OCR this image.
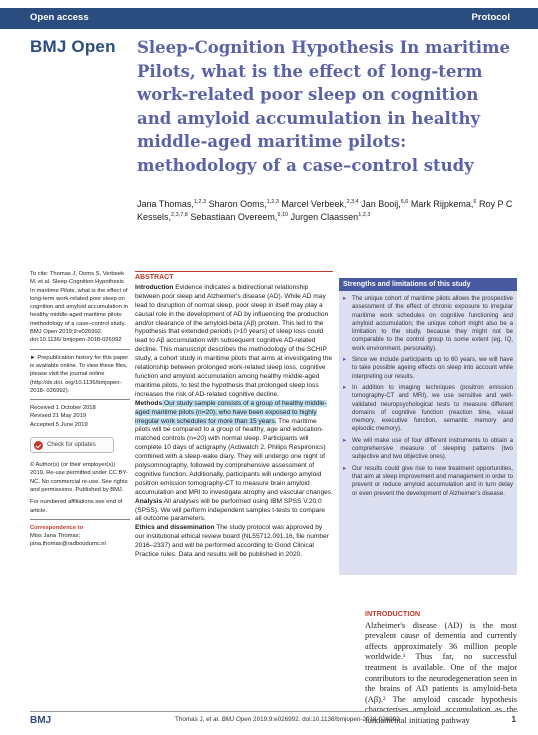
Open access	Protocol
BMJ Open Sleep-Cognition Hypothesis In maritime Pilots, what is the effect of long-term work-related poor sleep on cognition and amyloid accumulation in healthy middle-aged maritime pilots: methodology of a case–control study
Jana Thomas,$^{1,2,3}$ Sharon Ooms,$^{1,2,3}$ Marcel Verbeek,$^{2,3,4}$ Jan Booij,$^{5,6}$ Mark Rijpkema,$^6$ Roy P C Kessels,$^{2,3,7,8}$ Sebastiaan Overeem,$^{9,10}$ Jurgen Claassen$^{1,2,3}$

To cite: Thomas J, Ooms S, Verbeek M, et al. Sleep-Cognition Hypothesis In maritime Pilots, what is the effect of long-term work-related poor sleep on cognition and amyloid accumulation in healthy middle-aged maritime pilots: methodology of a case–control study. BMJ Open 2019;9:e026992. doi:10.1136/ bmjopen-2018-026992

► Prepublication history for this paper is available online. To view these files, please visit the journal online (http://dx.doi. org/10.1136/bmjopen-2018- 026992).

Received 1 October 2018
Revised 21 May 2019
Accepted 5 June 2019
Check for updates

© Author(s) (or their employer(s)) 2019. Re-use permitted under CC BY-NC. No commercial re-use. See rights and permissions. Published by BMJ.

For numbered affiliations see end of article.

Correspondence to
Miss Jana Thomas; jana.thomas@radboudumc.nl
ABSTRACT
Introduction Evidence indicates a bidirectional relationship between poor sleep and Alzheimer's disease (AD). While AD may lead to disruption of normal sleep, poor sleep in itself may play a causal role in the development of AD by influencing the production and/or clearance of the amyloid-beta (Aβ) protein. This led to the hypothesis that extended periods (>10 years) of sleep loss could lead to Aβ accumulation with subsequent cognitive AD-related decline. This manuscript describes the methodology of the SCHIP study, a cohort study in maritime pilots that aims at investigating the relationship between prolonged work-related sleep loss, cognitive function and amyloid accumulation among healthy middle-aged maritime pilots, to test the hypothesis that prolonged sleep loss increases the risk of AD-related cognitive decline.
Methods Our study sample consists of a group of healthy middle-aged maritime pilots (n=20), who have been exposed to highly irregular work schedules for more than 15 years. The maritime pilots will be compared to a group of healthy, age and education-matched controls (n=20) with normal sleep. Participants will complete 10 days of actigraphy (Actiwatch 2, Philips Respironics) combined with a sleep-wake diary. They will undergo one night of polysomnography, followed by comprehensive assessment of cognitive function. Additionally, participants will undergo amyloid positron emission tomography-CT to measure brain amyloid accumulation and MRI to investigate atrophy and vascular changes.
Analysis All analyses will be performed using IBM SPSS V.20.0 (SPSS). We will perform independent samples t-tests to compare all outcome parameters.
Ethics and dissemination The study protocol was approved by our institutional ethical review board (NL55712.091.16, file number 2016–2337) and will be performed according to Good Clinical Practice rules. Data and results will be published in 2020.
Strengths and limitations of this study
▸ The unique cohort of maritime pilots allows the prospective assessment of the effect of chronic exposure to irregular maritime work schedules on cognitive functioning and amyloid accumulation; the unique cohort might also be a limitation to the study, because they might not be comparable to the control group to some extent (eg, IQ, work environment, personality).
▸ Since we include participants up to 60 years, we will have to take possible ageing effects on sleep into account while interpreting our results.
▸ In addition to imaging techniques (positron emission tomography-CT and MRI), we use sensitive and well-validated neuropsychological tests to measure different domains of cognitive function (reaction time, visual memory, executive function, semantic memory and episodic memory).
▸ We will make use of four different instruments to obtain a comprehensive measure of sleeping patterns (two subjective and two objective ones).
▸ Our results could give rise to new treatment opportunities, that aim at sleep improvement and management in order to prevent or reduce amyloid accumulation and in turn delay or even prevent the development of Alzheimer's disease.
INTRODUCTION
Alzheimer's disease (AD) is the most prevalent cause of dementia and currently affects approximately 36 million people worldwide.¹ Thus far, no successful treatment is available. One of the major contributors to the neurodegeneration seen in the brains of AD patients is amyloid-beta (Aβ).² The amyloid cascade hypothesis characterises amyloid accumulation as the fundamental initiating pathway
BMJ	Thomas J, et al. BMJ Open 2019;9:e026992. doi:10.1136/bmjopen-2018-026992	1
